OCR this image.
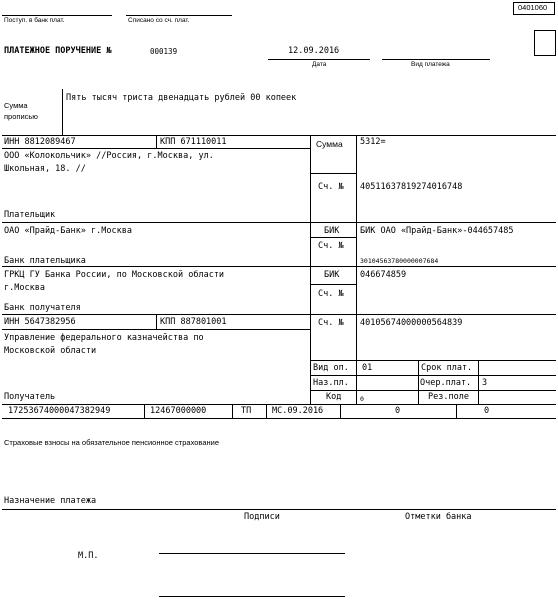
0401060
Поступ. в банк плат.	Списано со сч. плат.
ПЛАТЕЖНОЕ ПОРУЧЕНИЕ №	000139	12.09.2016
Дата	Вид платежа
Сумма
прописью
Пять тысяч триста двенадцать рублей 00 копеек
ИНН 8812089467	КПП 671110011	Сумма 5312=
ООО «Колокольчик» //Россия, г.Москва, ул.
Школьная, 18. //
Сч. № 40511637819274016748
Плательщик
ОАО «Прайд-Банк» г.Москва	БИК БИК ОАО «Прайд-Банк»-044657485
Сч. №
30104563780000007684
Банк плательщика
ГРКЦ ГУ Банка России, по Московской области
г.Москва
БИК 046674859
Сч. №
Банк получателя
ИНН 5647382956	КПП 887801001	Сч. № 40105674000000564839
Управление федерального казначейства по
Московской области
Получатель
Вид оп. 01	Срок плат.
Наз.пл.	Очер.плат. 3
Код	0	Рез.поле
17253674000047382949	12467000000	ТП МС.09.2016	0	0
Страховые взносы на обязательное пенсионное страхование
Назначение платежа
Подписи	Отметки банка
М.П.
